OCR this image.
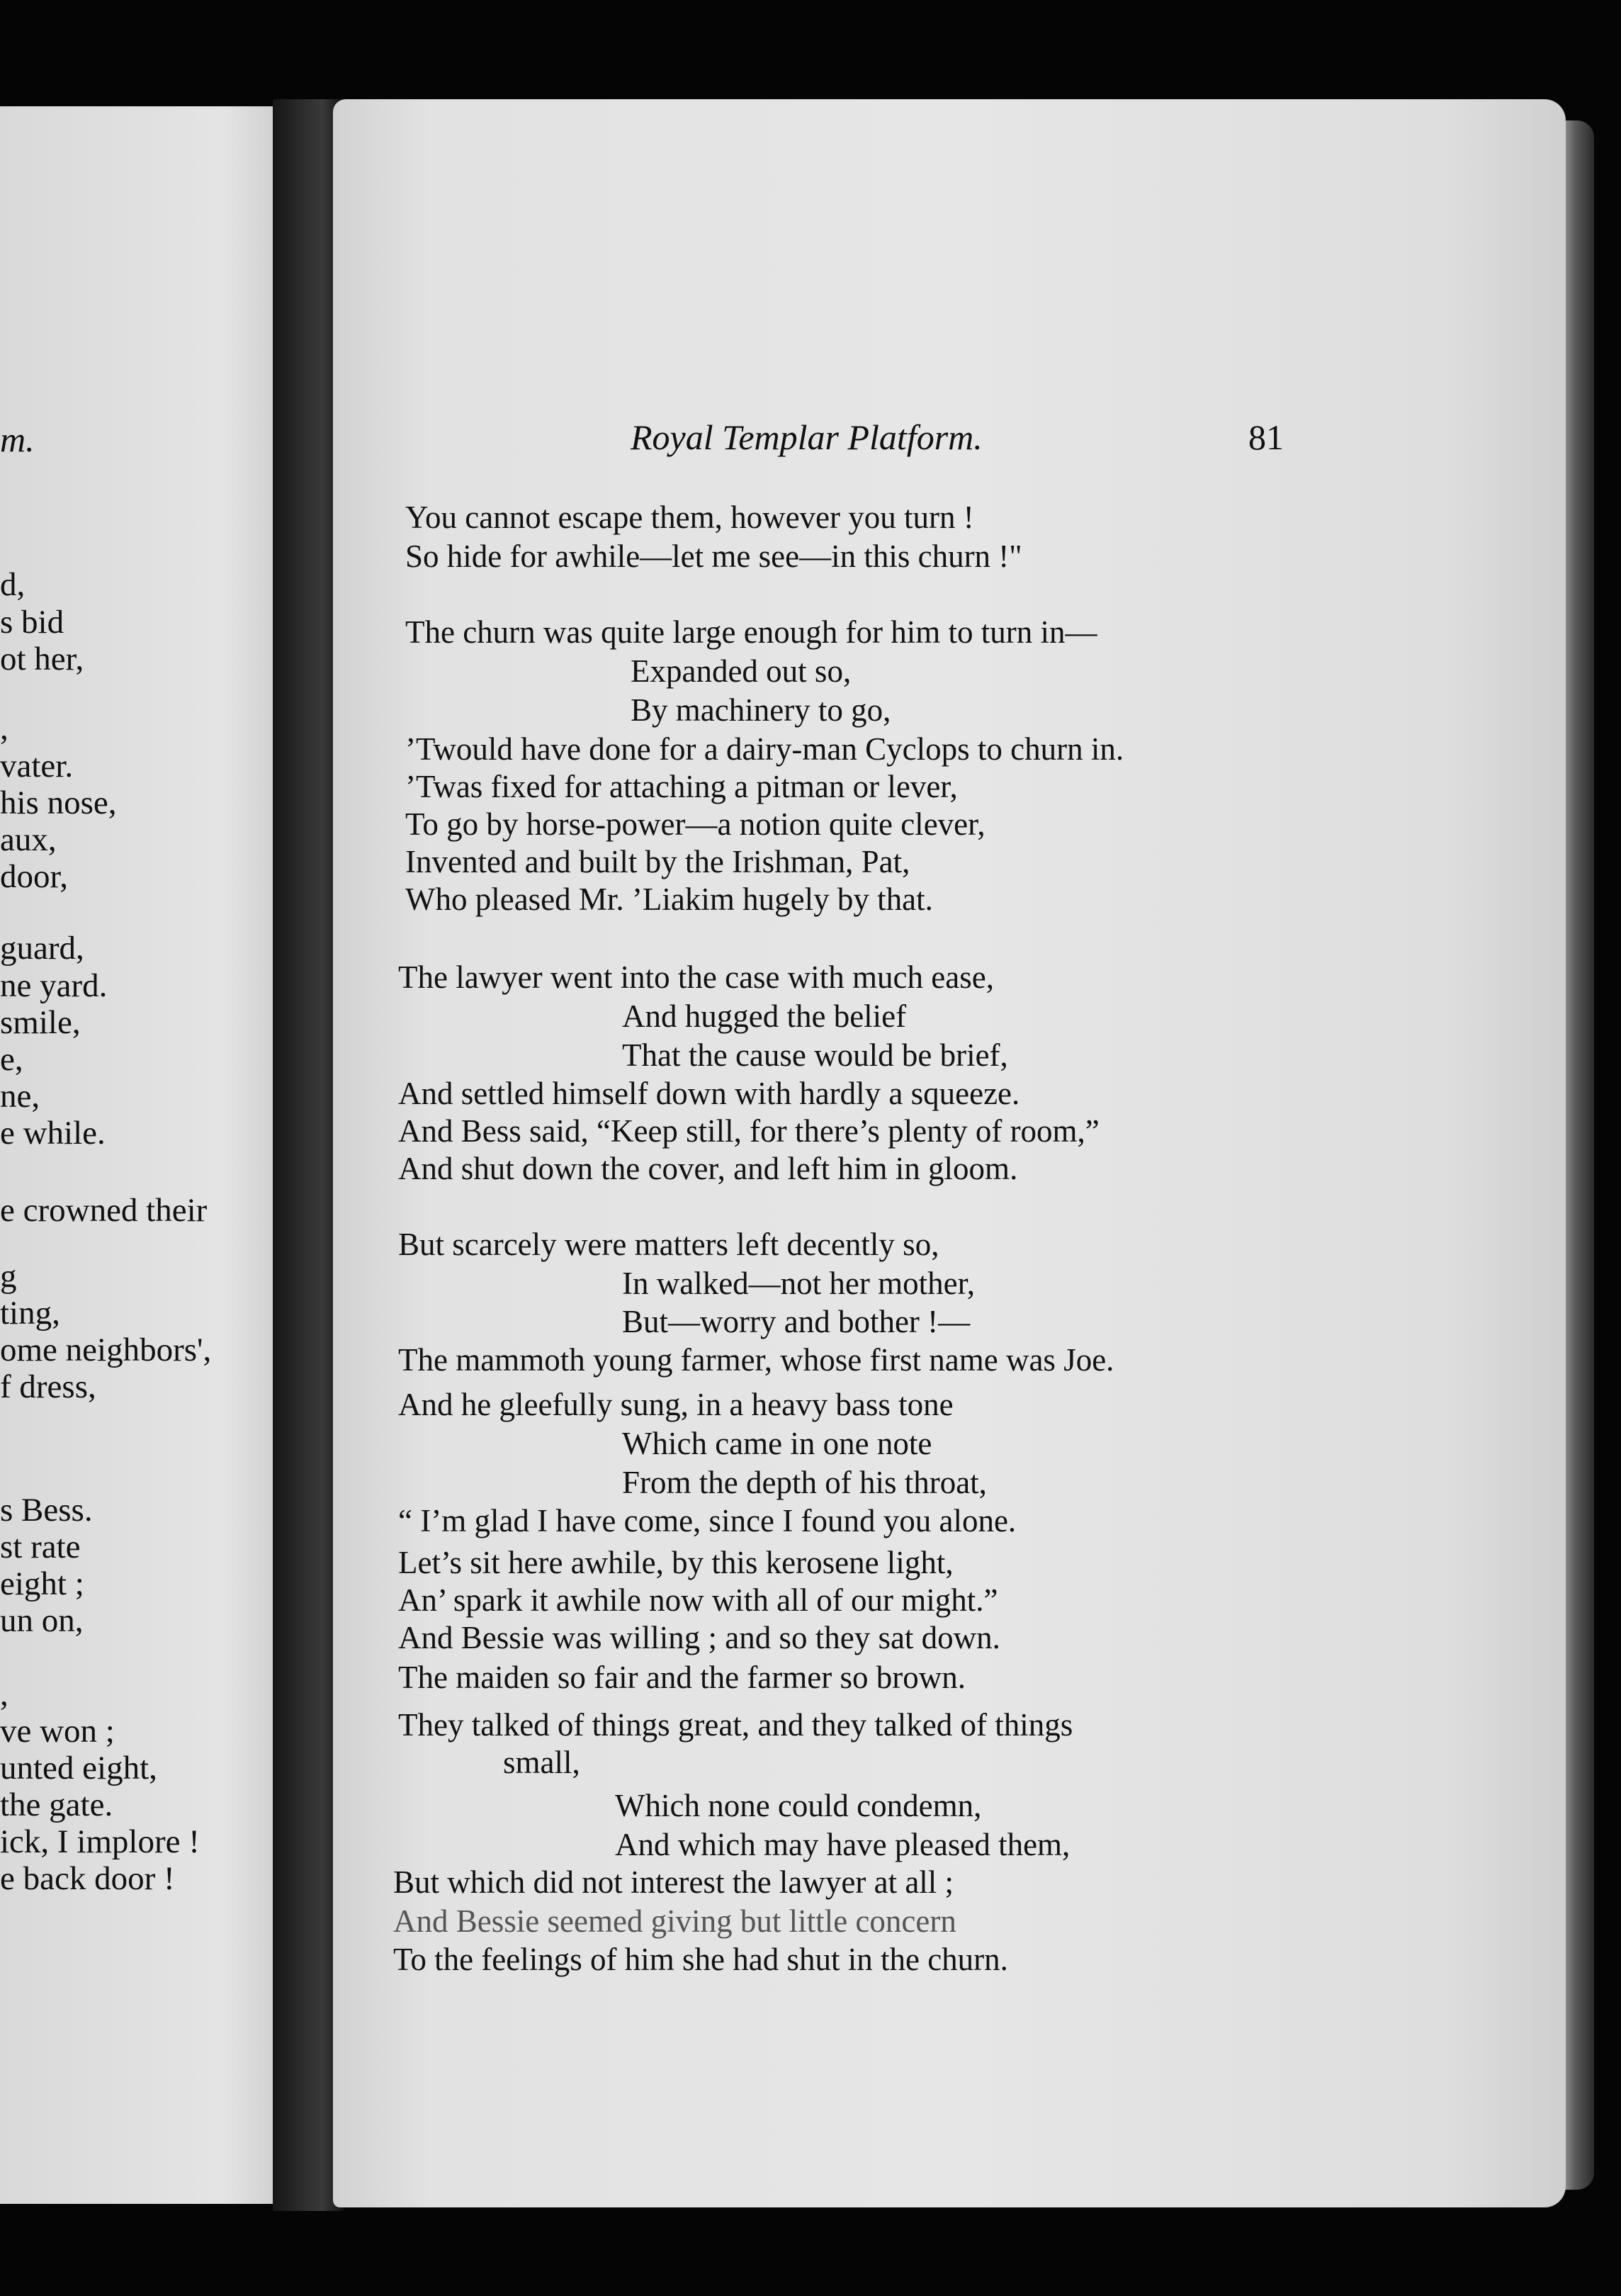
m.
d,
s bid
ot her,
,
vater.
his nose,
aux,
door,
guard,
ne yard.
smile,
e,
ne,
e while.
e crowned their
g
ting,
ome neighbors',
f dress,
s Bess.
st rate
eight ;
un on,
,
ve won ;
unted eight,
the gate.
ick, I implore !
e back door !
Royal Templar Platform.	81
You cannot escape them, however you turn !
So hide for awhile—let me see—in this churn !"
The churn was quite large enough for him to turn in—
Expanded out so,
By machinery to go,
’Twould have done for a dairy-man Cyclops to churn in.
’Twas fixed for attaching a pitman or lever,
To go by horse-power—a notion quite clever,
Invented and built by the Irishman, Pat,
Who pleased Mr. ’Liakim hugely by that.
The lawyer went into the case with much ease,
And hugged the belief
That the cause would be brief,
And settled himself down with hardly a squeeze.
And Bess said, “Keep still, for there’s plenty of room,”
And shut down the cover, and left him in gloom.
But scarcely were matters left decently so,
In walked—not her mother,
But—worry and bother !—
The mammoth young farmer, whose first name was Joe.
And he gleefully sung, in a heavy bass tone
Which came in one note
From the depth of his throat,
“ I’m glad I have come, since I found you alone.
Let’s sit here awhile, by this kerosene light,
An’ spark it awhile now with all of our might.”
And Bessie was willing ; and so they sat down.
The maiden so fair and the farmer so brown.
They talked of things great, and they talked of things
small,
Which none could condemn,
And which may have pleased them,
But which did not interest the lawyer at all ;
And Bessie seemed giving but little concern
To the feelings of him she had shut in the churn.
